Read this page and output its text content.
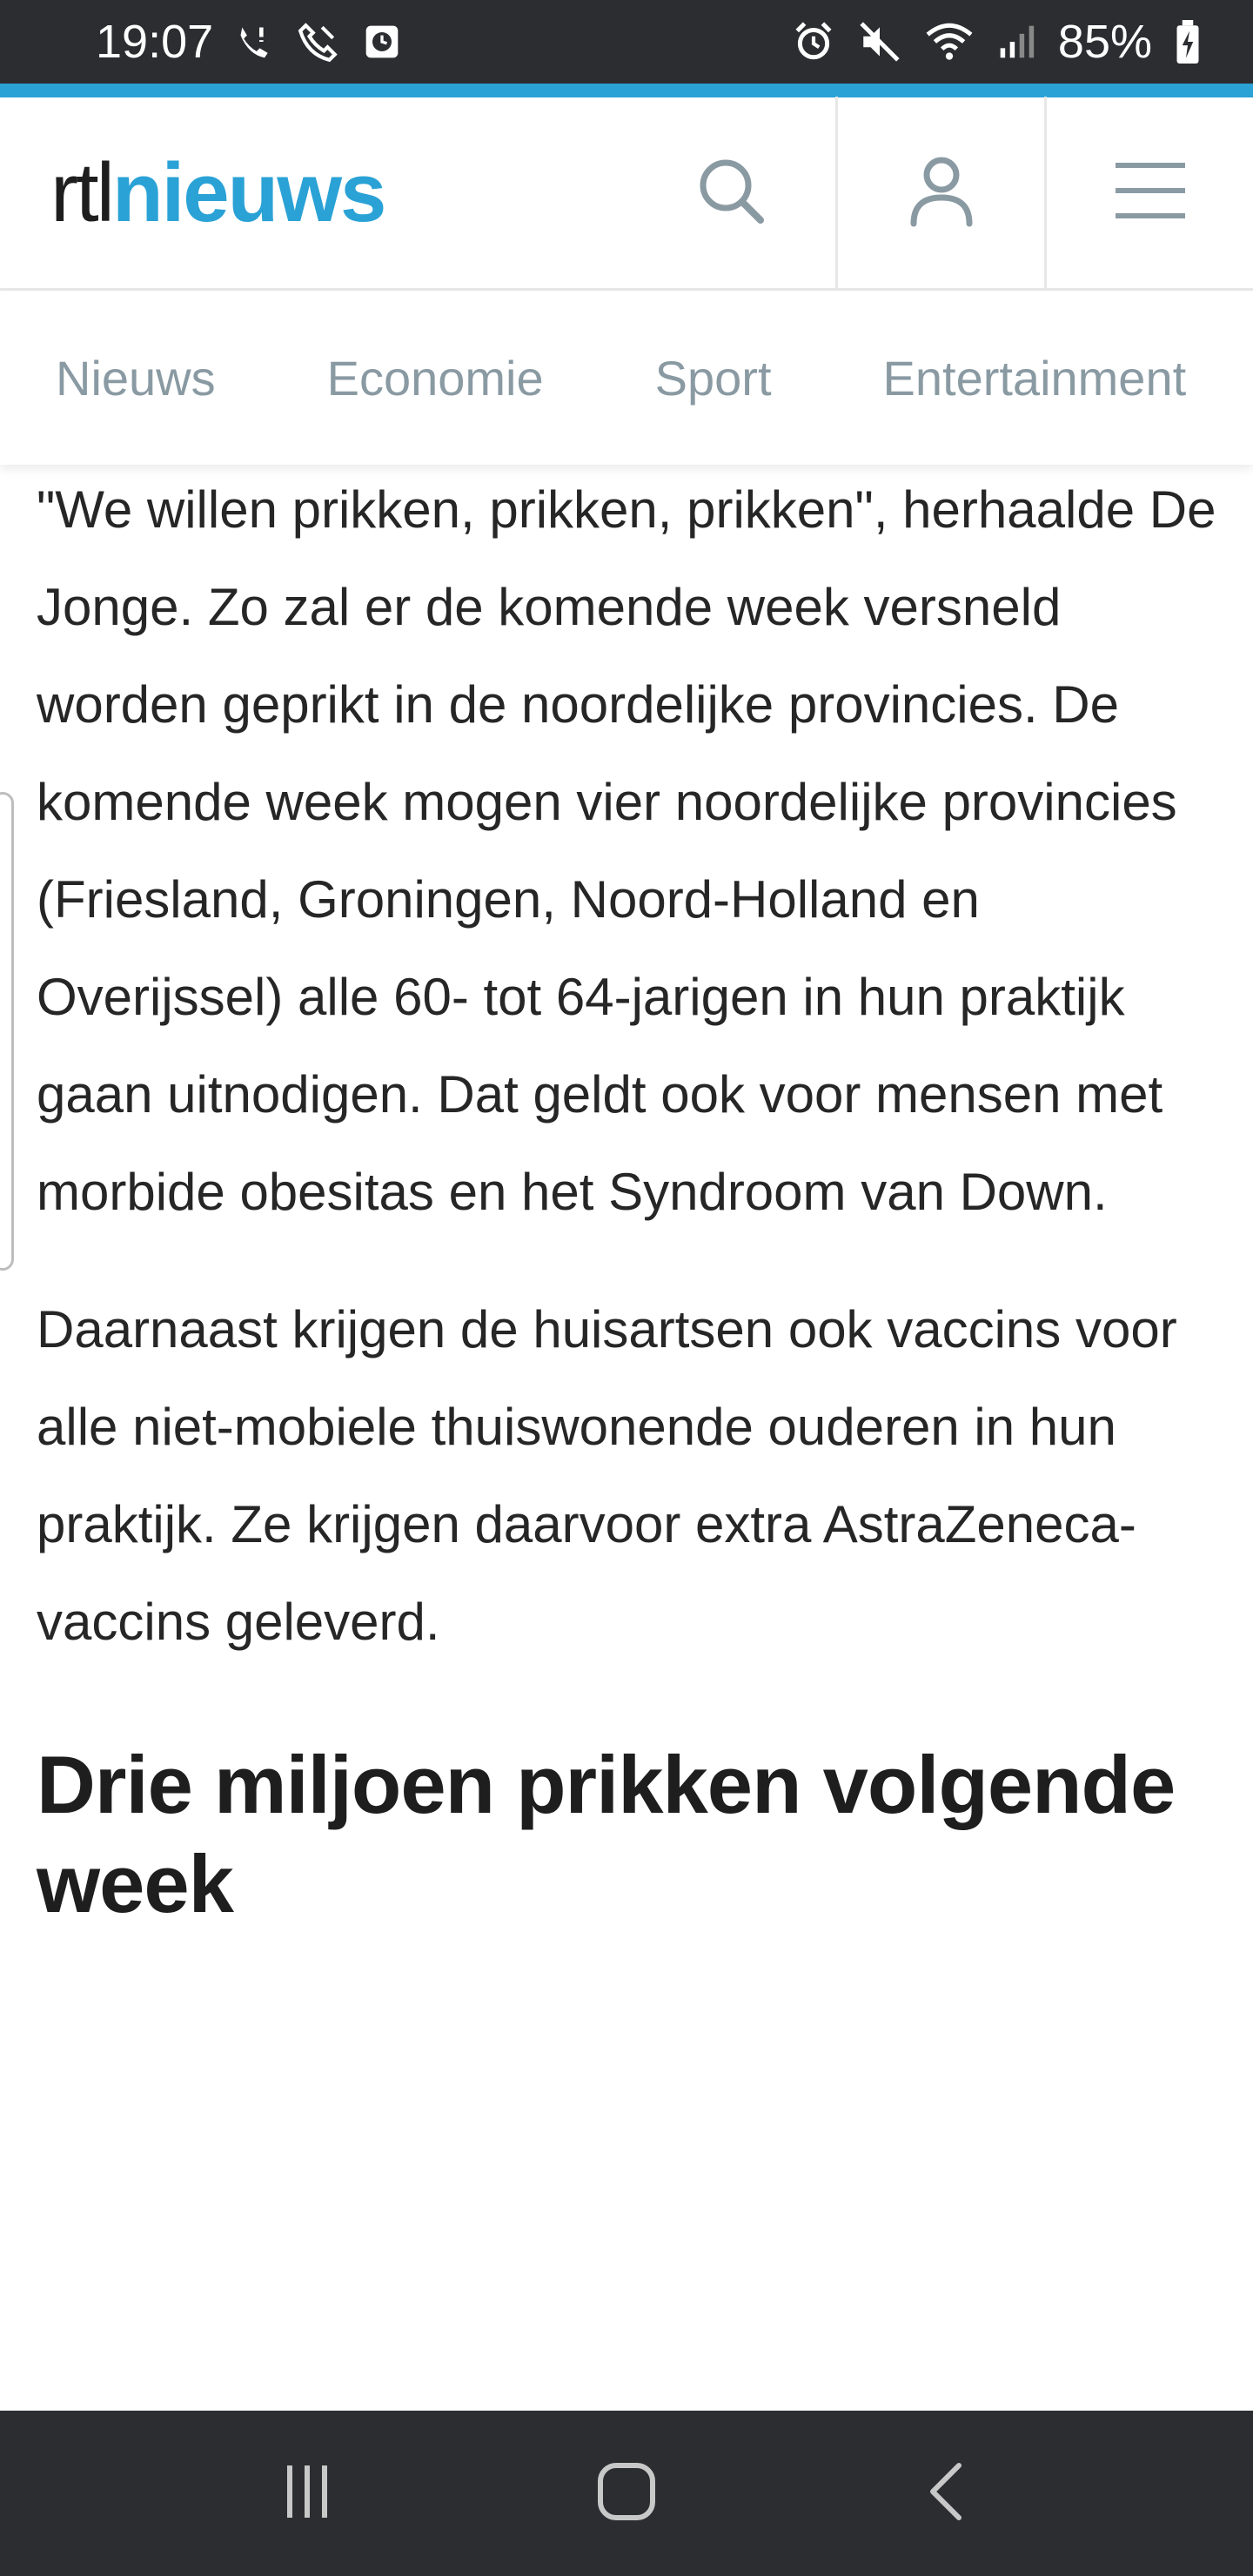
19:07	85%
rtl nieuws
Nieuws Economie Sport Entertainment

"We willen prikken, prikken, prikken", herhaalde De Jonge. Zo zal er de komende week versneld worden geprikt in de noordelijke provincies. De komende week mogen vier noordelijke provincies (Friesland, Groningen, Noord-Holland en Overijssel) alle 60- tot 64-jarigen in hun praktijk gaan uitnodigen. Dat geldt ook voor mensen met morbide obesitas en het Syndroom van Down.

Daarnaast krijgen de huisartsen ook vaccins voor alle niet-mobiele thuiswonende ouderen in hun praktijk. Ze krijgen daarvoor extra AstraZeneca-vaccins geleverd.

Drie miljoen prikken volgende week
